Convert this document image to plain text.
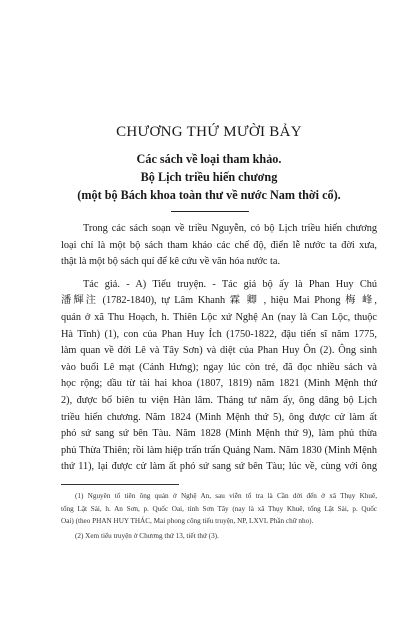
CHƯƠNG THỨ MƯỜI BẢY
Các sách về loại tham khảo.
Bộ Lịch triều hiến chương
(một bộ Bách khoa toàn thư về nước Nam thời cổ).

Trong các sách soạn về triều Nguyễn, có bộ Lịch triều hiến chương
loại chí là một bộ sách tham khảo các chế độ, điển lễ nước ta đời xưa,
thật là một bộ sách quí để kê cứu về văn hóa nước ta.

Tác giả. - A) Tiểu truyện. - Tác giả bộ ấy là Phan Huy Chú
潘輝注 (1782-1840), tự Lâm Khanh 霖 卿 , hiệu Mai Phong 梅 峰,
quán ở xã Thu Hoạch, h. Thiên Lộc xứ Nghệ An (nay là Can Lộc, thuộc
Hà Tĩnh) (1), con của Phan Huy Ích (1750-1822, đậu tiến sĩ năm 1775,
làm quan về đời Lê và Tây Sơn) và diệt của Phan Huy Ôn (2). Ông sinh
vào buổi Lê mạt (Cảnh Hưng); ngay lúc còn trẻ, đã đọc nhiều sách và
học rộng; dầu từ tài hai khoa (1807, 1819) năm 1821 (Minh Mệnh thứ
2), được bổ biên tu viện Hàn lâm. Tháng tư năm ấy, ông dâng bộ Lịch
triều hiến chương. Năm 1824 (Minh Mệnh thứ 5), ông được cử làm ất
phó sứ sang sứ bên Tàu. Năm 1828 (Minh Mệnh thứ 9), làm phủ thừa
phủ Thừa Thiên; rồi làm hiệp trấn trấn Quảng Nam. Năm 1830 (Minh Mệnh
thứ 11), lại được cử làm ất phó sứ sang sứ bên Tàu; lúc về, cùng với ông

(1) Nguyên tổ tiên ông quán ở Nghệ An, sau viễn tổ tra là Cần dời đến ở xã Thụy Khuê,
tổng Lật Sài, h. An Sơn, p. Quốc Oai, tỉnh Sơn Tây (nay là xã Thụy Khuê, tổng Lật Sài, p. Quốc
Oai) (theo PHAN HUY THÁC, Mai phong công tiểu truyện, NP, LXVL Phần chữ nho).

(2) Xem tiểu truyện ở Chương thứ 13, tiết thứ (3).
